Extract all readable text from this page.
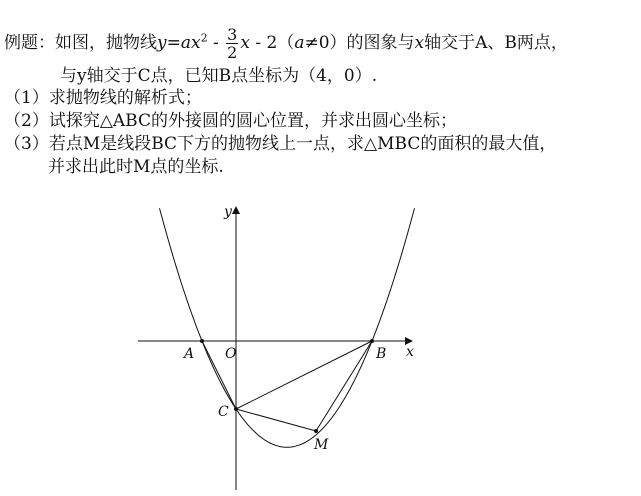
例题：如图，抛物线$y=ax^2 - \frac{3}{2}$ x - 2（a≠0）的图象与x轴交于A、B两点，
与y轴交于C点，已知B点坐标为（4，0）.
（1）求抛物线的解析式；
（2）试探究△ABC的外接圆的圆心位置，并求出圆心坐标；
（3）若点M是线段BC下方的抛物线上一点，求△MBC的面积的最大值，
并求出此时M点的坐标.
y
x
A O	B
C
M
